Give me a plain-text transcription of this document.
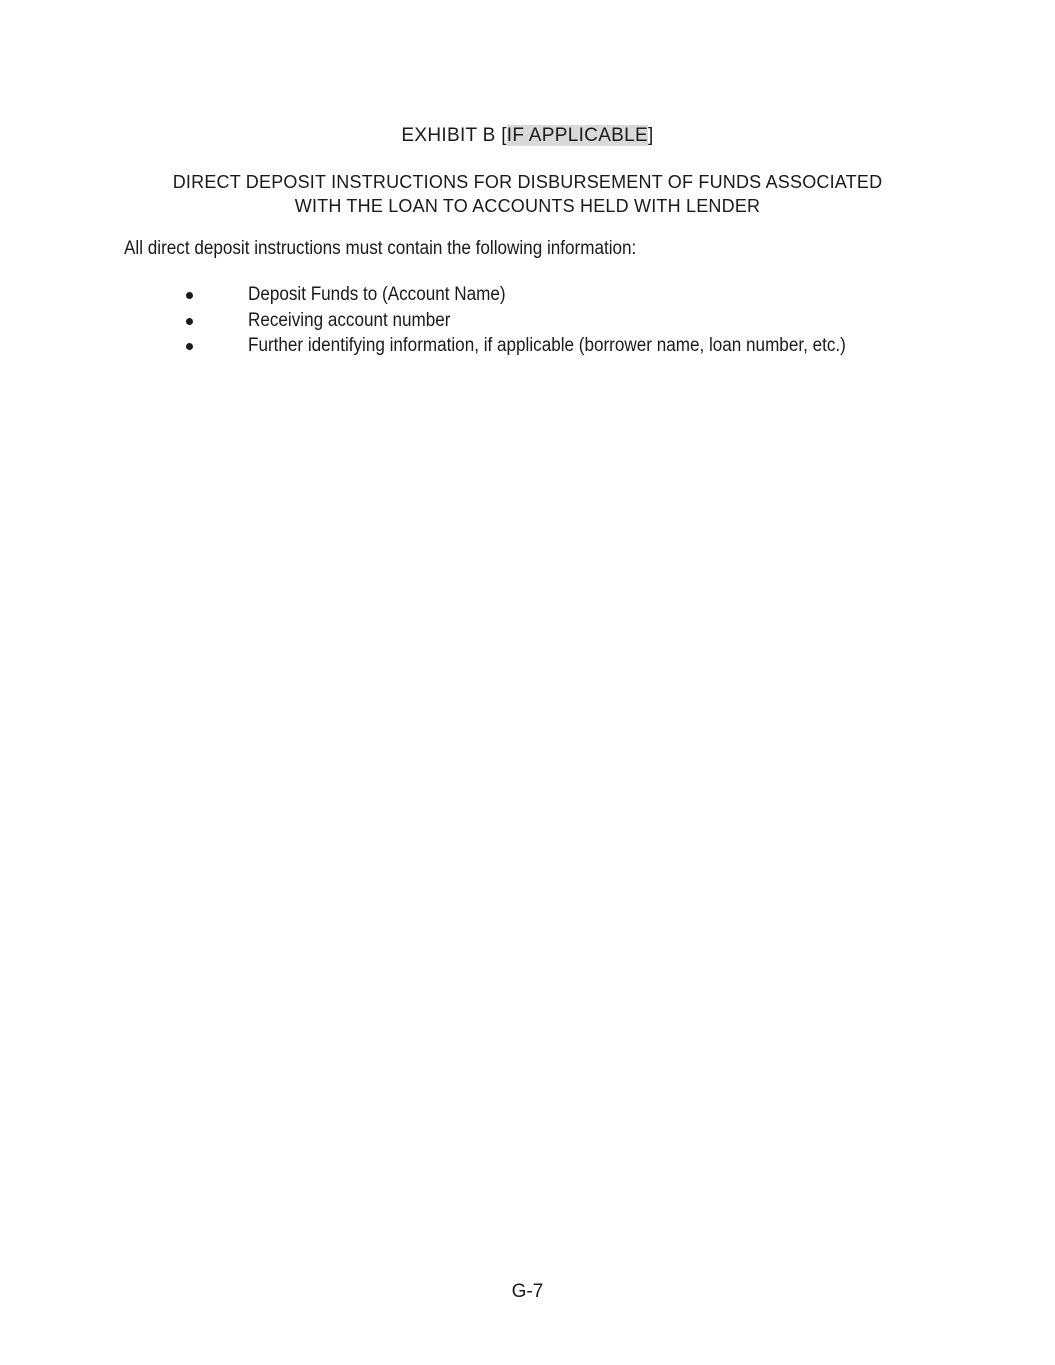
EXHIBIT B [IF APPLICABLE]
DIRECT DEPOSIT INSTRUCTIONS FOR DISBURSEMENT OF FUNDS ASSOCIATED
WITH THE LOAN TO ACCOUNTS HELD WITH LENDER
All direct deposit instructions must contain the following information:
Deposit Funds to (Account Name)
Receiving account number
Further identifying information, if applicable (borrower name, loan number, etc.)
G-7
